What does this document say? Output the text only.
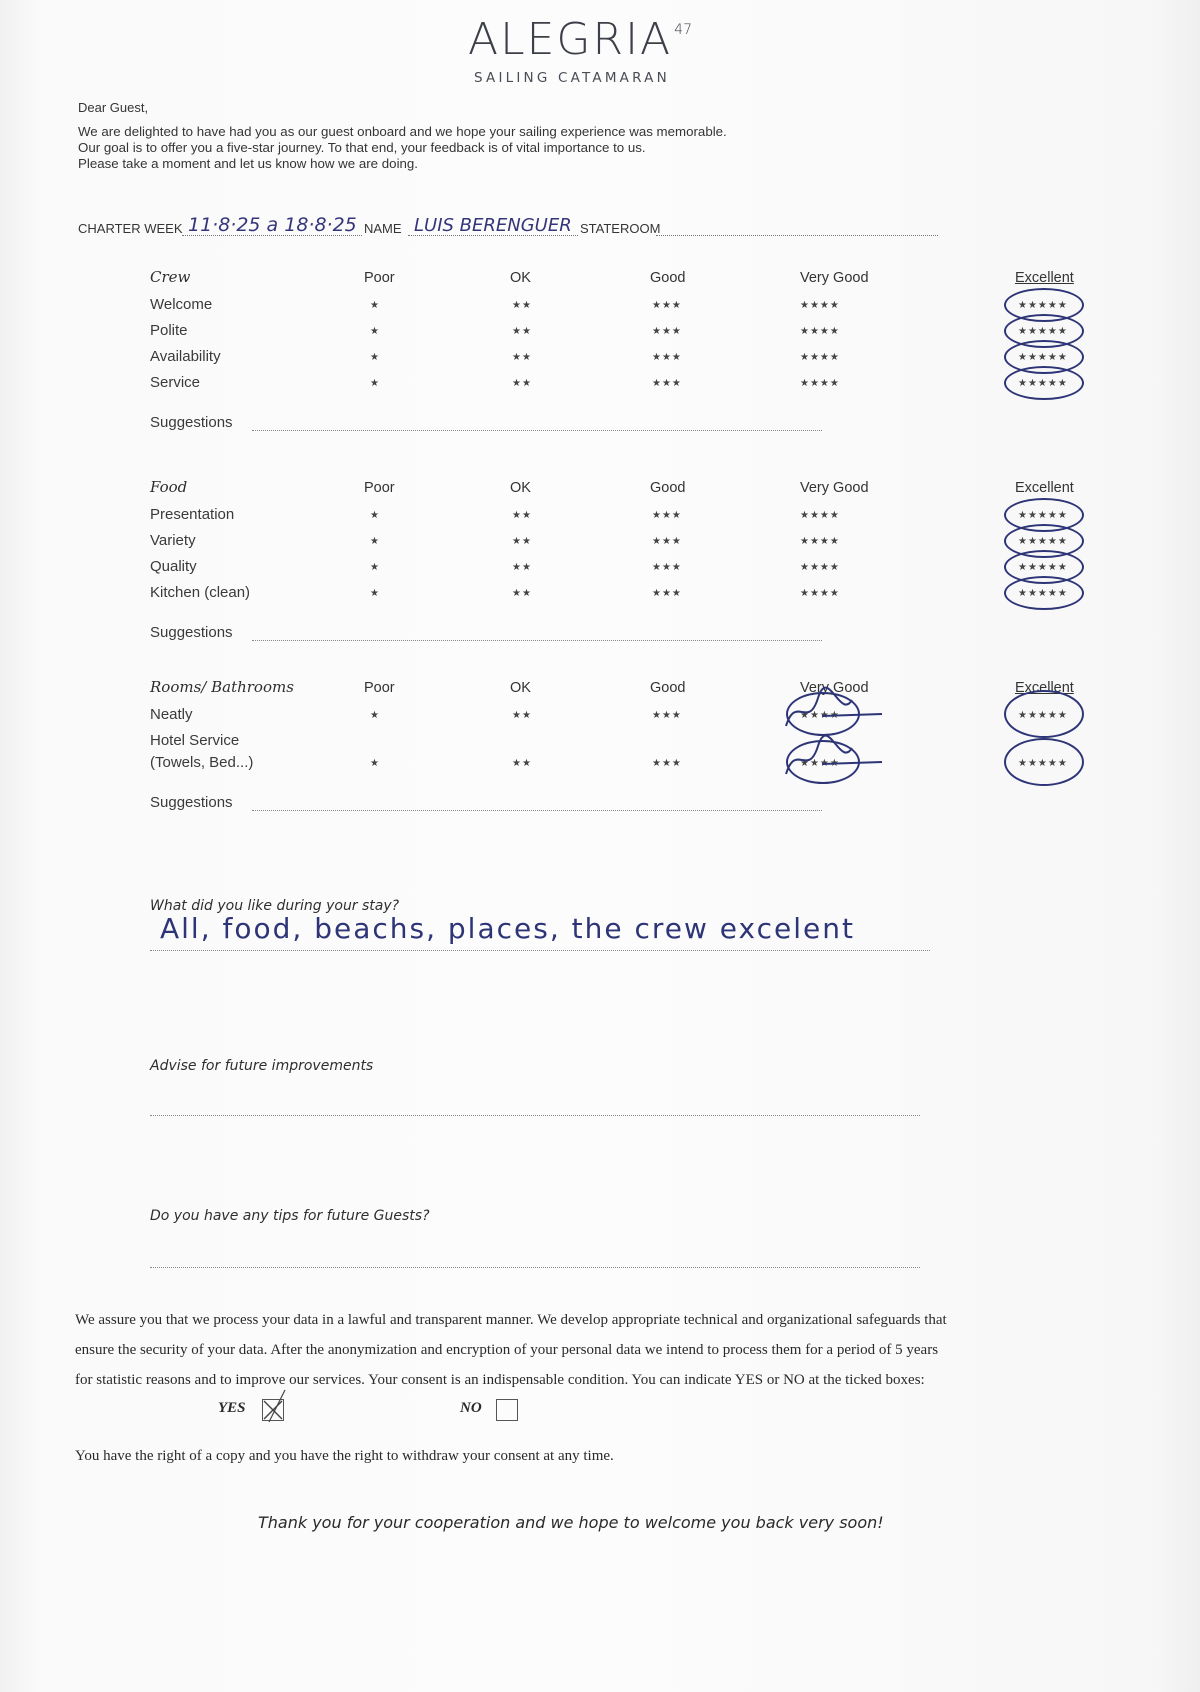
ALEGRIA $^{47}$
SAILING CATAMARAN
Dear Guest,
We are delighted to have had you as our guest onboard and we hope your sailing experience was memorable.
Our goal is to offer you a five-star journey. To that end, your feedback is of vital importance to us.
Please take a moment and let us know how we are doing.
CHARTER WEEK 11·8·25 a 18·8·25 NAME LUIS BERENGUER STATEROOM
Crew	Poor	OK	Good	Very Good	Excellent
Welcome	★	★★	★★★	★★★★	★★★★★
Polite	★	★★	★★★	★★★★	★★★★★
Availability	★	★★	★★★	★★★★	★★★★★
Service	★	★★	★★★	★★★★	★★★★★
Suggestions
Food	Poor	OK	Good	Very Good	Excellent
Presentation	★	★★	★★★	★★★★	★★★★★
Variety	★	★★	★★★	★★★★	★★★★★
Quality	★	★★	★★★	★★★★	★★★★★
Kitchen (clean)	★	★★	★★★	★★★★	★★★★★
Suggestions
Rooms/ Bathrooms	Poor	OK	Good	Very Good	Excellent
Neatly	★	★★	★★★	★★★★	★★★★★
Hotel Service
(Towels, Bed...)	★	★★	★★★	★★★★	★★★★★
Suggestions
What did you like during your stay?
All, food, beachs, places, the crew excelent
Advise for future improvements
Do you have any tips for future Guests?
We assure you that we process your data in a lawful and transparent manner. We develop appropriate technical and organizational safeguards that
ensure the security of your data. After the anonymization and encryption of your personal data we intend to process them for a period of 5 years
for statistic reasons and to improve our services. Your consent is an indispensable condition. You can indicate YES or NO at the ticked boxes:
YES	NO
You have the right of a copy and you have the right to withdraw your consent at any time.
Thank you for your cooperation and we hope to welcome you back very soon!
